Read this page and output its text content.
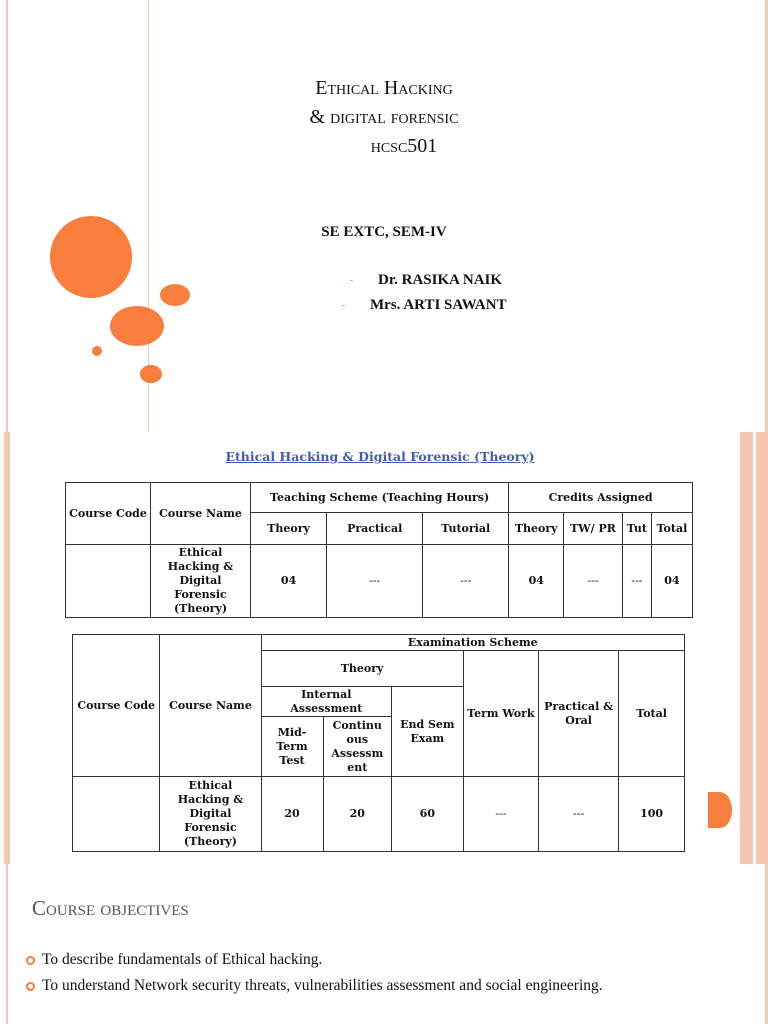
Ethical Hacking
& digital forensic
hcsc501
SE EXTC, SEM-IV
- Dr. RASIKA NAIK
- Mrs. ARTI SAWANT
Ethical Hacking & Digital Forensic (Theory)
Course Code	Course Name	Teaching Scheme (Teaching Hours)			Credits Assigned			
		Theory	Practical	Tutorial	Theory	TW/ PR	Tut	Total
	Ethical Hacking & Digital Forensic (Theory)	04	---	---	04	---	---	04
Course Code	Course Name	Examination Scheme					
		Theory			Term Work	Practical & Oral	Total
		Internal Assessment		End Sem Exam			
		Mid-Term Test	Continu ous Assessm ent				
	Ethical Hacking & Digital Forensic (Theory)	20	20	60	---	---	100
Course objectives
To describe fundamentals of Ethical hacking.
To understand Network security threats, vulnerabilities assessment and social engineering.
